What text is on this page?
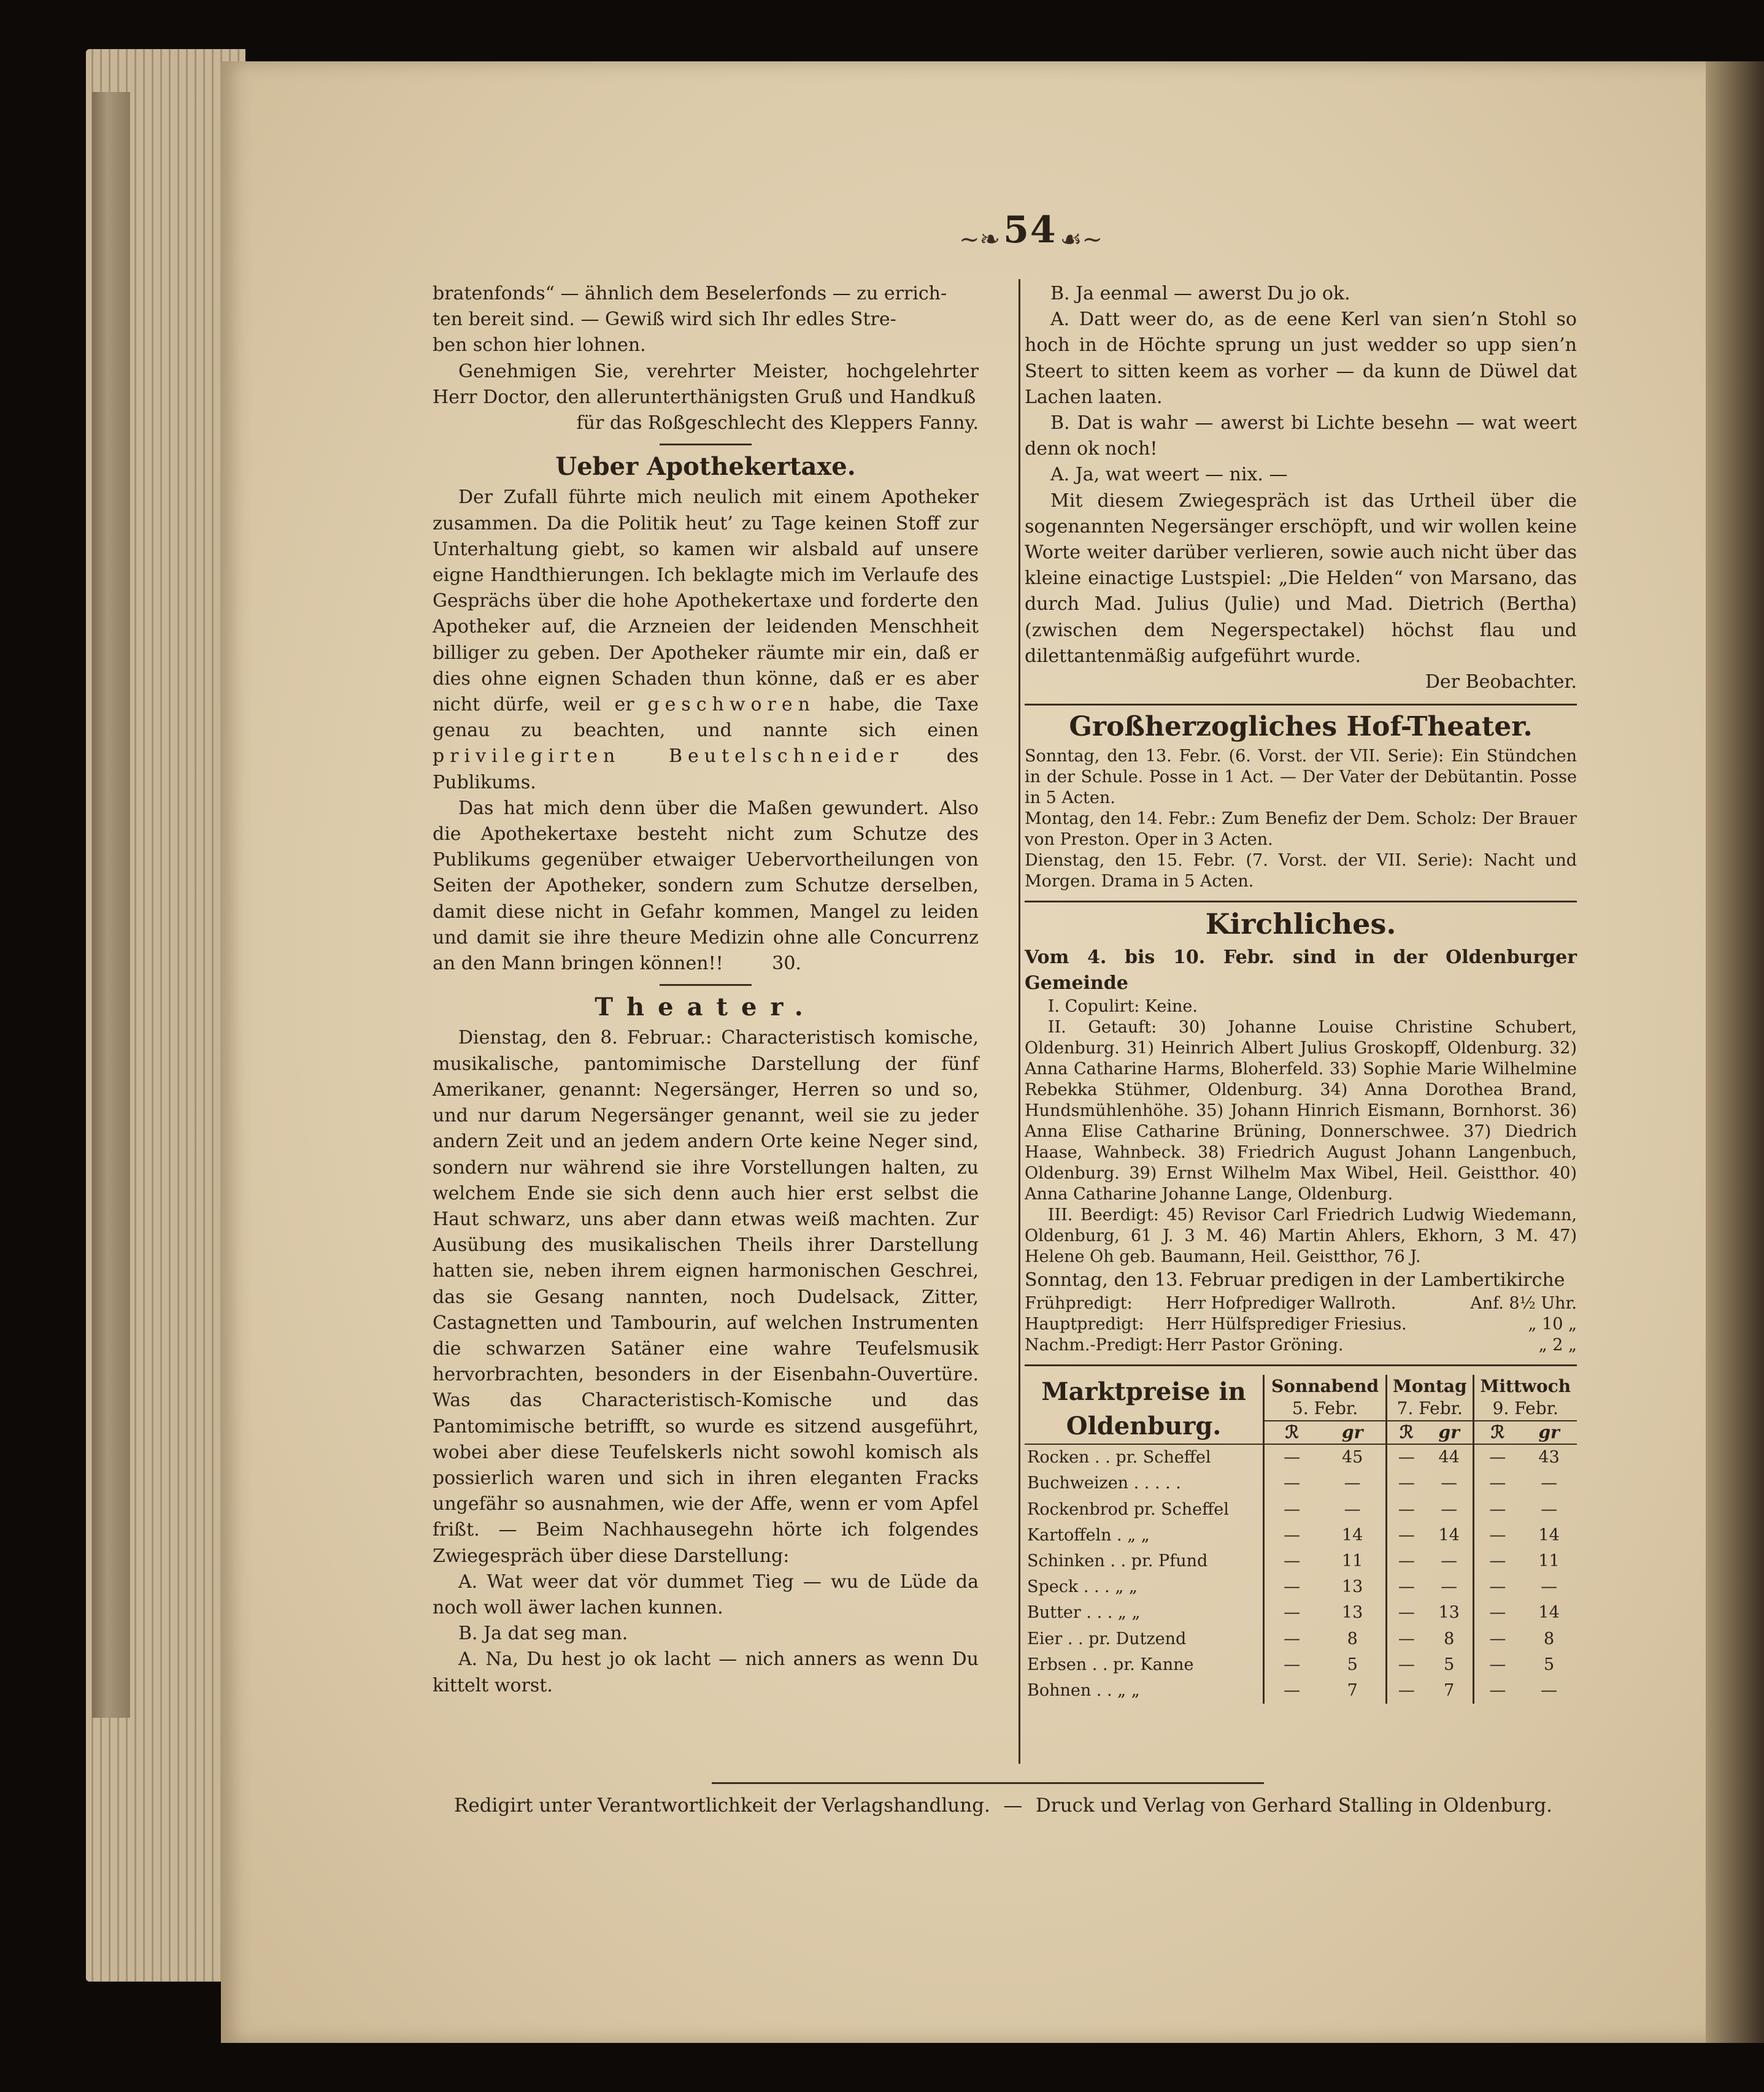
~❧ 54 ☙~

bratenfonds“ — ähnlich dem Beselerfonds — zu errich-

ten bereit sind. — Gewiß wird sich Ihr edles Stre-

ben schon hier lohnen.

Genehmigen Sie, verehrter Meister, hochgelehrter Herr Doctor, den allerunterthänigsten Gruß und Handkuß

für das Roßgeschlecht des Kleppers Fanny.

Ueber Apothekertaxe.

Der Zufall führte mich neulich mit einem Apotheker zusammen. Da die Politik heut’ zu Tage keinen Stoff zur Unterhaltung giebt, so kamen wir alsbald auf unsere eigne Handthierungen. Ich beklagte mich im Verlaufe des Gesprächs über die hohe Apothekertaxe und forderte den Apotheker auf, die Arzneien der leidenden Menschheit billiger zu geben. Der Apotheker räumte mir ein, daß er dies ohne eignen Schaden thun könne, daß er es aber nicht dürfe, weil er geschworen habe, die Taxe genau zu beachten, und nannte sich einen privilegirten Beutelschneider des Publikums.

Das hat mich denn über die Maßen gewundert. Also die Apothekertaxe besteht nicht zum Schutze des Publikums gegenüber etwaiger Uebervortheilungen von Seiten der Apotheker, sondern zum Schutze derselben, damit diese nicht in Gefahr kommen, Mangel zu leiden und damit sie ihre theure Medizin ohne alle Concurrenz an den Mann bringen können!!	30.

Theater.

Dienstag, den 8. Februar.: Characteristisch komische, musikalische, pantomimische Darstellung der fünf Amerikaner, genannt: Negersänger, Herren so und so, und nur darum Negersänger genannt, weil sie zu jeder andern Zeit und an jedem andern Orte keine Neger sind, sondern nur während sie ihre Vorstellungen halten, zu welchem Ende sie sich denn auch hier erst selbst die Haut schwarz, uns aber dann etwas weiß machten. Zur Ausübung des musikalischen Theils ihrer Darstellung hatten sie, neben ihrem eignen harmonischen Geschrei, das sie Gesang nannten, noch Dudelsack, Zitter, Castagnetten und Tambourin, auf welchen Instrumenten die schwarzen Satäner eine wahre Teufelsmusik hervorbrachten, besonders in der Eisenbahn-Ouvertüre. Was das Characteristisch-Komische und das Pantomimische betrifft, so wurde es sitzend ausgeführt, wobei aber diese Teufelskerls nicht sowohl komisch als possierlich waren und sich in ihren eleganten Fracks ungefähr so ausnahmen, wie der Affe, wenn er vom Apfel frißt. — Beim Nachhausegehn hörte ich folgendes Zwiegespräch über diese Darstellung:

A. Wat weer dat vör dummet Tieg — wu de Lüde da noch woll äwer lachen kunnen.

B. Ja dat seg man.

A. Na, Du hest jo ok lacht — nich anners as wenn Du kittelt worst.

B. Ja eenmal — awerst Du jo ok.

A. Datt weer do, as de eene Kerl van sien’n Stohl so hoch in de Höchte sprung un just wedder so upp sien’n Steert to sitten keem as vorher — da kunn de Düwel dat Lachen laaten.

B. Dat is wahr — awerst bi Lichte besehn — wat weert denn ok noch!

A. Ja, wat weert — nix. —

Mit diesem Zwiegespräch ist das Urtheil über die sogenannten Negersänger erschöpft, und wir wollen keine Worte weiter darüber verlieren, sowie auch nicht über das kleine einactige Lustspiel: „Die Helden“ von Marsano, das durch Mad. Julius (Julie) und Mad. Dietrich (Bertha) (zwischen dem Negerspectakel) höchst flau und dilettantenmäßig aufgeführt wurde.

Der Beobachter.

Großherzogliches Hof-Theater.

Sonntag, den 13. Febr. (6. Vorst. der VII. Serie): Ein Stündchen in der Schule. Posse in 1 Act. — Der Vater der Debütantin. Posse in 5 Acten.

Montag, den 14. Febr.: Zum Benefiz der Dem. Scholz: Der Brauer von Preston. Oper in 3 Acten.

Dienstag, den 15. Febr. (7. Vorst. der VII. Serie): Nacht und Morgen. Drama in 5 Acten.

Kirchliches.

Vom 4. bis 10. Febr. sind in der Oldenburger Gemeinde

I. Copulirt: Keine.

II. Getauft: 30) Johanne Louise Christine Schubert, Oldenburg. 31) Heinrich Albert Julius Groskopff, Oldenburg. 32) Anna Catharine Harms, Bloherfeld. 33) Sophie Marie Wilhelmine Rebekka Stühmer, Oldenburg. 34) Anna Dorothea Brand, Hundsmühlenhöhe. 35) Johann Hinrich Eismann, Bornhorst. 36) Anna Elise Catharine Brüning, Donnerschwee. 37) Diedrich Haase, Wahnbeck. 38) Friedrich August Johann Langenbuch, Oldenburg. 39) Ernst Wilhelm Max Wibel, Heil. Geistthor. 40) Anna Catharine Johanne Lange, Oldenburg.

III. Beerdigt: 45) Revisor Carl Friedrich Ludwig Wiedemann, Oldenburg, 61 J. 3 M. 46) Martin Ahlers, Ekhorn, 3 M. 47) Helene Oh geb. Baumann, Heil. Geistthor, 76 J.

Sonntag, den 13. Februar predigen in der Lambertikirche

Frühpredigt:	Herr Hofprediger Wallroth.	Anf. 8½ Uhr.
Hauptpredigt:	Herr Hülfsprediger Friesius.	„ 10 „
Nachm.-Predigt: Herr Pastor Gröning.	„ 2 „
Marktpreise in Oldenburg.	Sonnabend		Montag		Mittwoch	
	5. Febr.		7. Febr.		9. Febr.	
	ℛ	gr	ℛ	gr	ℛ	gr
Rocken . . pr. Scheffel	—	45	—	44	—	43
Buchweizen . . . . .	—	—	—	—	—	—
Rockenbrod pr. Scheffel	—	—	—	—	—	—
Kartoffeln . „ „	—	14	—	14	—	14
Schinken . . pr. Pfund	—	11	—	—	—	11
Speck . . . „ „	—	13	—	—	—	—
Butter . . . „ „	—	13	—	13	—	14
Eier . . pr. Dutzend	—	8	—	8	—	8
Erbsen . . pr. Kanne	—	5	—	5	—	5
Bohnen . . „ „	—	7	—	7	—	—
Redigirt unter Verantwortlichkeit der Verlagshandlung. — Druck und Verlag von Gerhard Stalling in Oldenburg.
